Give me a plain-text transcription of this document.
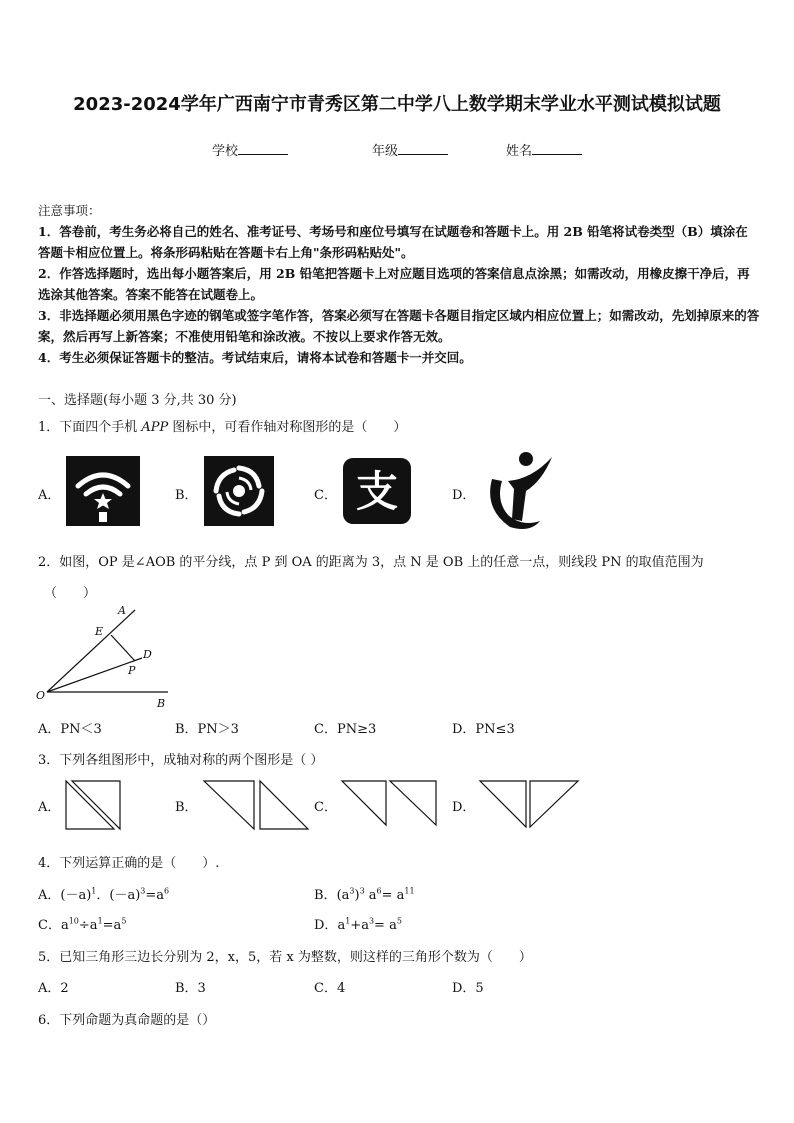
2023-2024学年广西南宁市青秀区第二中学八上数学期末学业水平测试模拟试题
学校	年级	姓名
注意事项：
1．答卷前，考生务必将自己的姓名、准考证号、考场号和座位号填写在试题卷和答题卡上。用 2B 铅笔将试卷类型（B）填涂在答题卡相应位置上。将条形码粘贴在答题卡右上角"条形码粘贴处"。
2．作答选择题时，选出每小题答案后，用 2B 铅笔把答题卡上对应题目选项的答案信息点涂黑；如需改动，用橡皮擦干净后，再选涂其他答案。答案不能答在试题卷上。
3．非选择题必须用黑色字迹的钢笔或签字笔作答，答案必须写在答题卡各题目指定区域内相应位置上；如需改动，先划掉原来的答案，然后再写上新答案；不准使用铅笔和涂改液。不按以上要求作答无效。
4．考生必须保证答题卡的整洁。考试结束后，请将本试卷和答题卡一并交回。
一、选择题(每小题 3 分,共 30 分)
1．下面四个手机 APP 图标中，可看作轴对称图形的是（　　）
A．	B．	C． 支	D．
2．如图，OP 是∠AOB 的平分线，点 P 到 OA 的距离为 3，点 N 是 OB 上的任意一点，则线段 PN 的取值范围为
（　　）
A
E
D
P
O
B
A．PN＜3	B．PN＞3	C．PN≥3	D．PN≤3
3．下列各组图形中，成轴对称的两个图形是（ ）
A．	B．	C．	D．
4．下列运算正确的是（　　）.
A．$(-a)^1$．$(-a)^3=a^6$	B．$(a^3)^3$ $a^6= a^{11}$
C．$a^{10}\div a^1=a^5$	D．$a^1+a^3= a^5$
5．已知三角形三边长分别为 2，x，5，若 x 为整数，则这样的三角形个数为（　　）
A．2	B．3	C．4	D．5
6．下列命题为真命题的是（）
